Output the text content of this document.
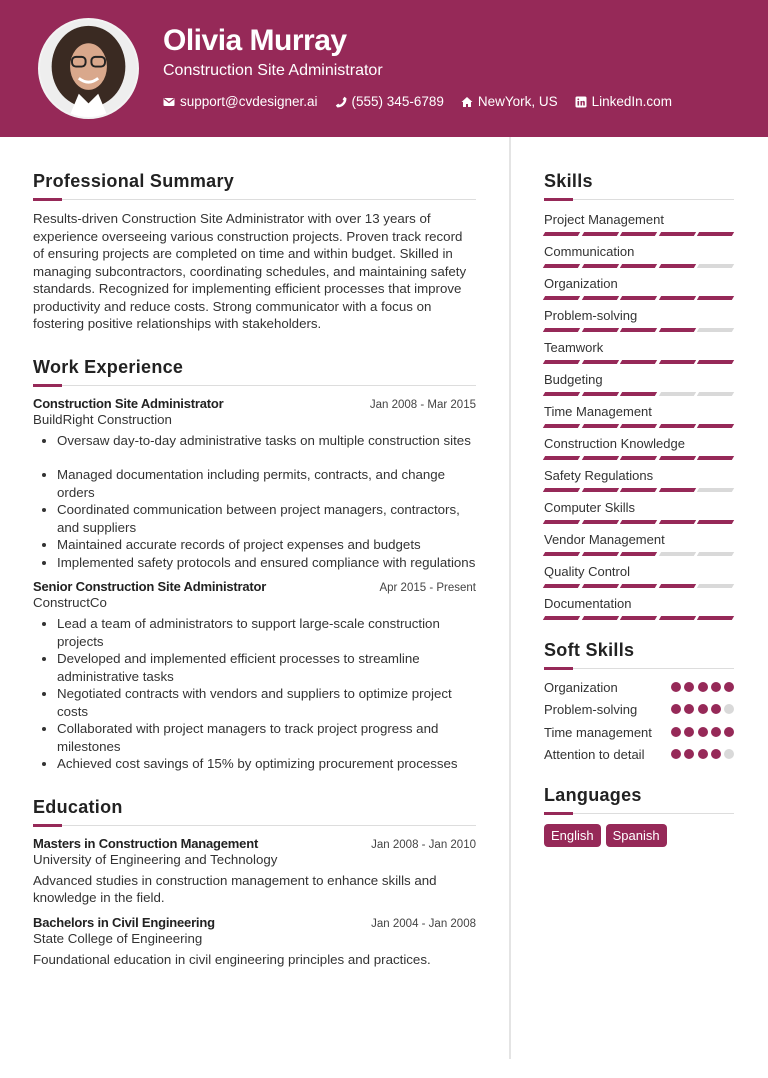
Olivia Murray
Construction Site Administrator
support@cvdesigner.ai	(555) 345-6789	NewYork, US	LinkedIn.com
Professional Summary
Results-driven Construction Site Administrator with over 13 years of experience overseeing various construction projects. Proven track record of ensuring projects are completed on time and within budget. Skilled in managing subcontractors, coordinating schedules, and maintaining safety standards. Recognized for implementing efficient processes that improve productivity and reduce costs. Strong communicator with a focus on fostering positive relationships with stakeholders.
Work Experience
Construction Site Administrator	Jan 2008 - Mar 2015
BuildRight Construction
• Oversaw day-to-day administrative tasks on multiple construction sites
• Managed documentation including permits, contracts, and change orders
• Coordinated communication between project managers, contractors, and suppliers
• Maintained accurate records of project expenses and budgets
• Implemented safety protocols and ensured compliance with regulations
Senior Construction Site Administrator	Apr 2015 - Present
ConstructCo
• Lead a team of administrators to support large-scale construction projects
• Developed and implemented efficient processes to streamline administrative tasks
• Negotiated contracts with vendors and suppliers to optimize project costs
• Collaborated with project managers to track project progress and milestones
• Achieved cost savings of 15% by optimizing procurement processes
Education
Masters in Construction Management	Jan 2008 - Jan 2010
University of Engineering and Technology
Advanced studies in construction management to enhance skills and knowledge in the field.
Bachelors in Civil Engineering	Jan 2004 - Jan 2008
State College of Engineering
Foundational education in civil engineering principles and practices.
Skills
Project Management
Communication
Organization
Problem-solving
Teamwork
Budgeting
Time Management
Construction Knowledge
Safety Regulations
Computer Skills
Vendor Management
Quality Control
Documentation
Soft Skills
Organization
Problem-solving
Time management
Attention to detail
Languages
English	Spanish
